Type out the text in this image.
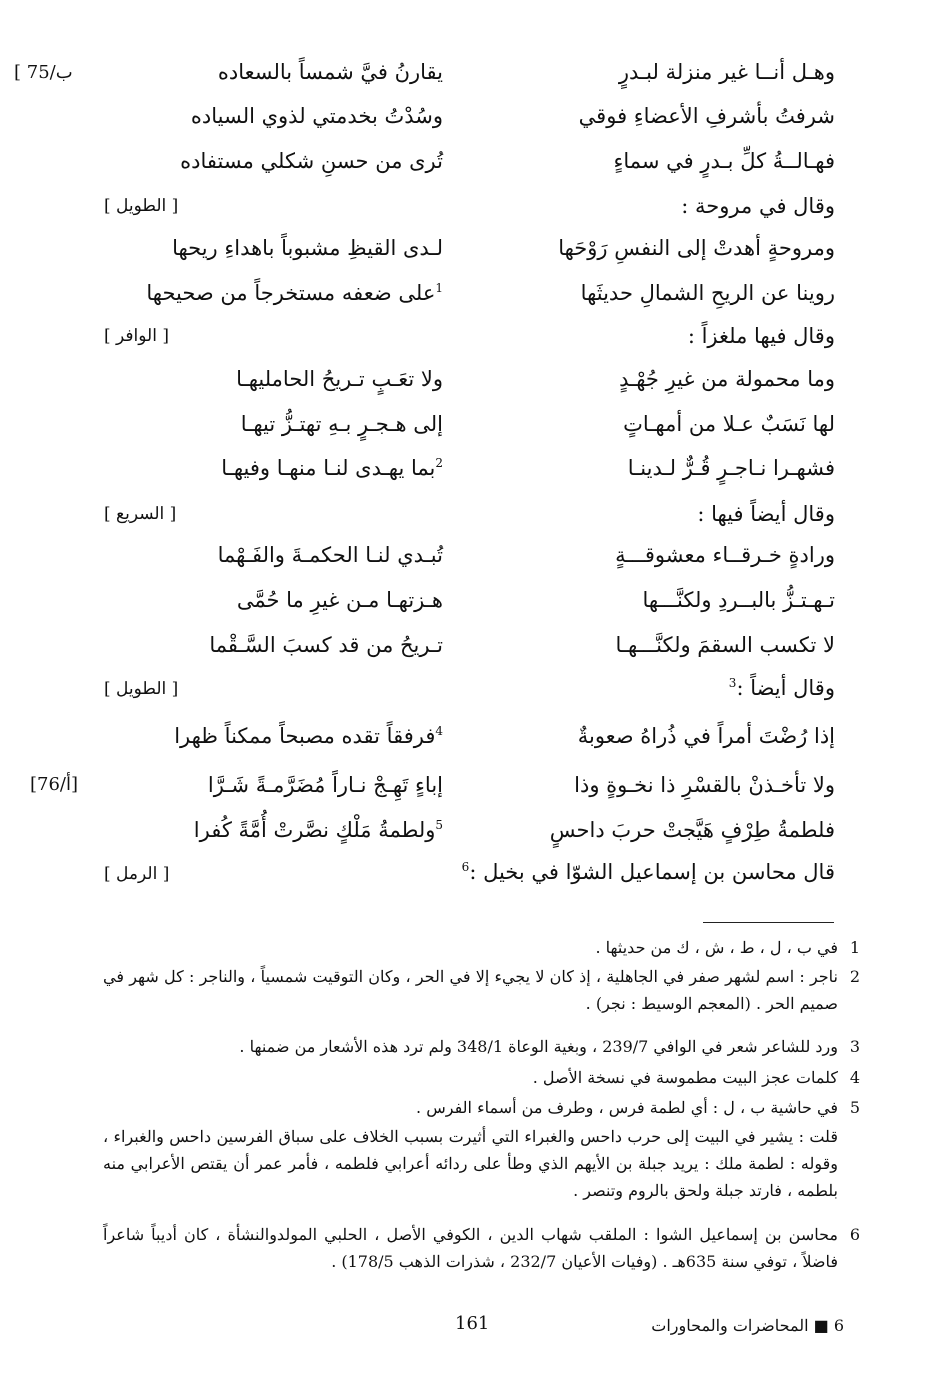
[ 75/ب
[76/أ]
وهـل أنــا غير منزلة لبـدرٍ
يقارنُ فيَّ شمساً بالسعاده
شرفتُ بأشرفِ الأعضاءِ فوقي
وسُدْتُ بخدمتي لذوي السياده
فهـالــةُ كلِّ بـدرٍ في سماءٍ
تُرى من حسنِ شكلي مستفاده
وقال في مروحة :
[ الطويل ]
ومروحةٍ أهدتْ إلى النفسِ رَوْحَها
لـدى القيظِ مشبوباً باهداءِ ريحها
روينا عن الريحِ الشمالِ حديثَها
$^1$على ضعفه مستخرجاً من صحيحها
وقال فيها ملغزاً :
[ الوافر ]
وما محمولة من غيرِ جُهْـدٍ
ولا تعَـبٍ تـريحُ الحامليهـا
لها نَسَبٌ عـلا من أمهـاتٍ
إلى هـجـرٍ بـهِ تهتـزُّ تيهـا
فشهـرا نـاجـرٍ قُـرٌّ لـدينـا
$^2$بما يهـدى لنـا منهـا وفيهـا
وقال أيضاً فيها :
[ السريع ]
ورادةٍ خـرقــاء معشوقـــةٍ
تُبـدي لنـا الحكمـةَ والفَـهْما
تـهـتـزُّ بالبــردِ ولكنَّـــها
هـزتهـا مـن غيرِ ما حُمَّى
لا تكسب السقمَ ولكنَّـــهـا
تـريحُ من قد كسبَ السَّـقْما
وقال أيضاً :$^3$
[ الطويل ]
إذا رُضْتَ أمراً في ذُراهُ صعوبةٌ
$^4$فرفقاً تقده مصبحاً ممكناً ظهرا
ولا تأخـذنْ بالقسْرِ ذا نخـوةٍ وذا
إباءٍ تَهِـجْ نـاراً مُضَرَّمـةً شَـرَّا
فلطمةُ طِرْفٍ هَيَّجتْ حربَ داحسٍ
$^5$ولطمةُ مَلْكٍ نصَّرتْ أُمَّةً كُفرا
قال محاسن بن إسماعيل الشوّا في بخيل :$^6$
[ الرمل ]
1
في ب ، ل ، ط ، ش ، ك من حديثها .
2
ناجر : اسم لشهر صفر في الجاهلية ، إذ كان لا يجيء إلا في الحر ، وكان التوقيت شمسياً ، والناجر : كل شهر في صميم الحر . (المعجم الوسيط : نجر) .
3
ورد للشاعر شعر في الوافي 239/7 ، وبغية الوعاة 348/1 ولم ترد هذه الأشعار من ضمنها .
4
كلمات عجز البيت مطموسة في نسخة الأصل .
5
في حاشية ب ، ل : أي لطمة فرس ، وطرف من أسماء الفرس .
قلت : يشير في البيت إلى حرب داحس والغبراء التي أثيرت بسبب الخلاف على سباق الفرسين داحس والغبراء ، وقوله : لطمة ملك : يريد جبلة بن الأيهم الذي وطأ على ردائه أعرابي فلطمه ، فأمر عمر أن يقتص الأعرابي منه بلطمه ، فارتد جبلة ولحق بالروم وتنصر .
6
محاسن بن إسماعيل الشوا : الملقب شهاب الدين ، الكوفي الأصل ، الحلبي المولدوالنشأة ، كان أديباً شاعراً فاضلاً ، توفي سنة 635هـ . (وفيات الأعيان 232/7 ، شذرات الذهب 178/5) .
161	6 ■ المحاضرات والمحاورات
